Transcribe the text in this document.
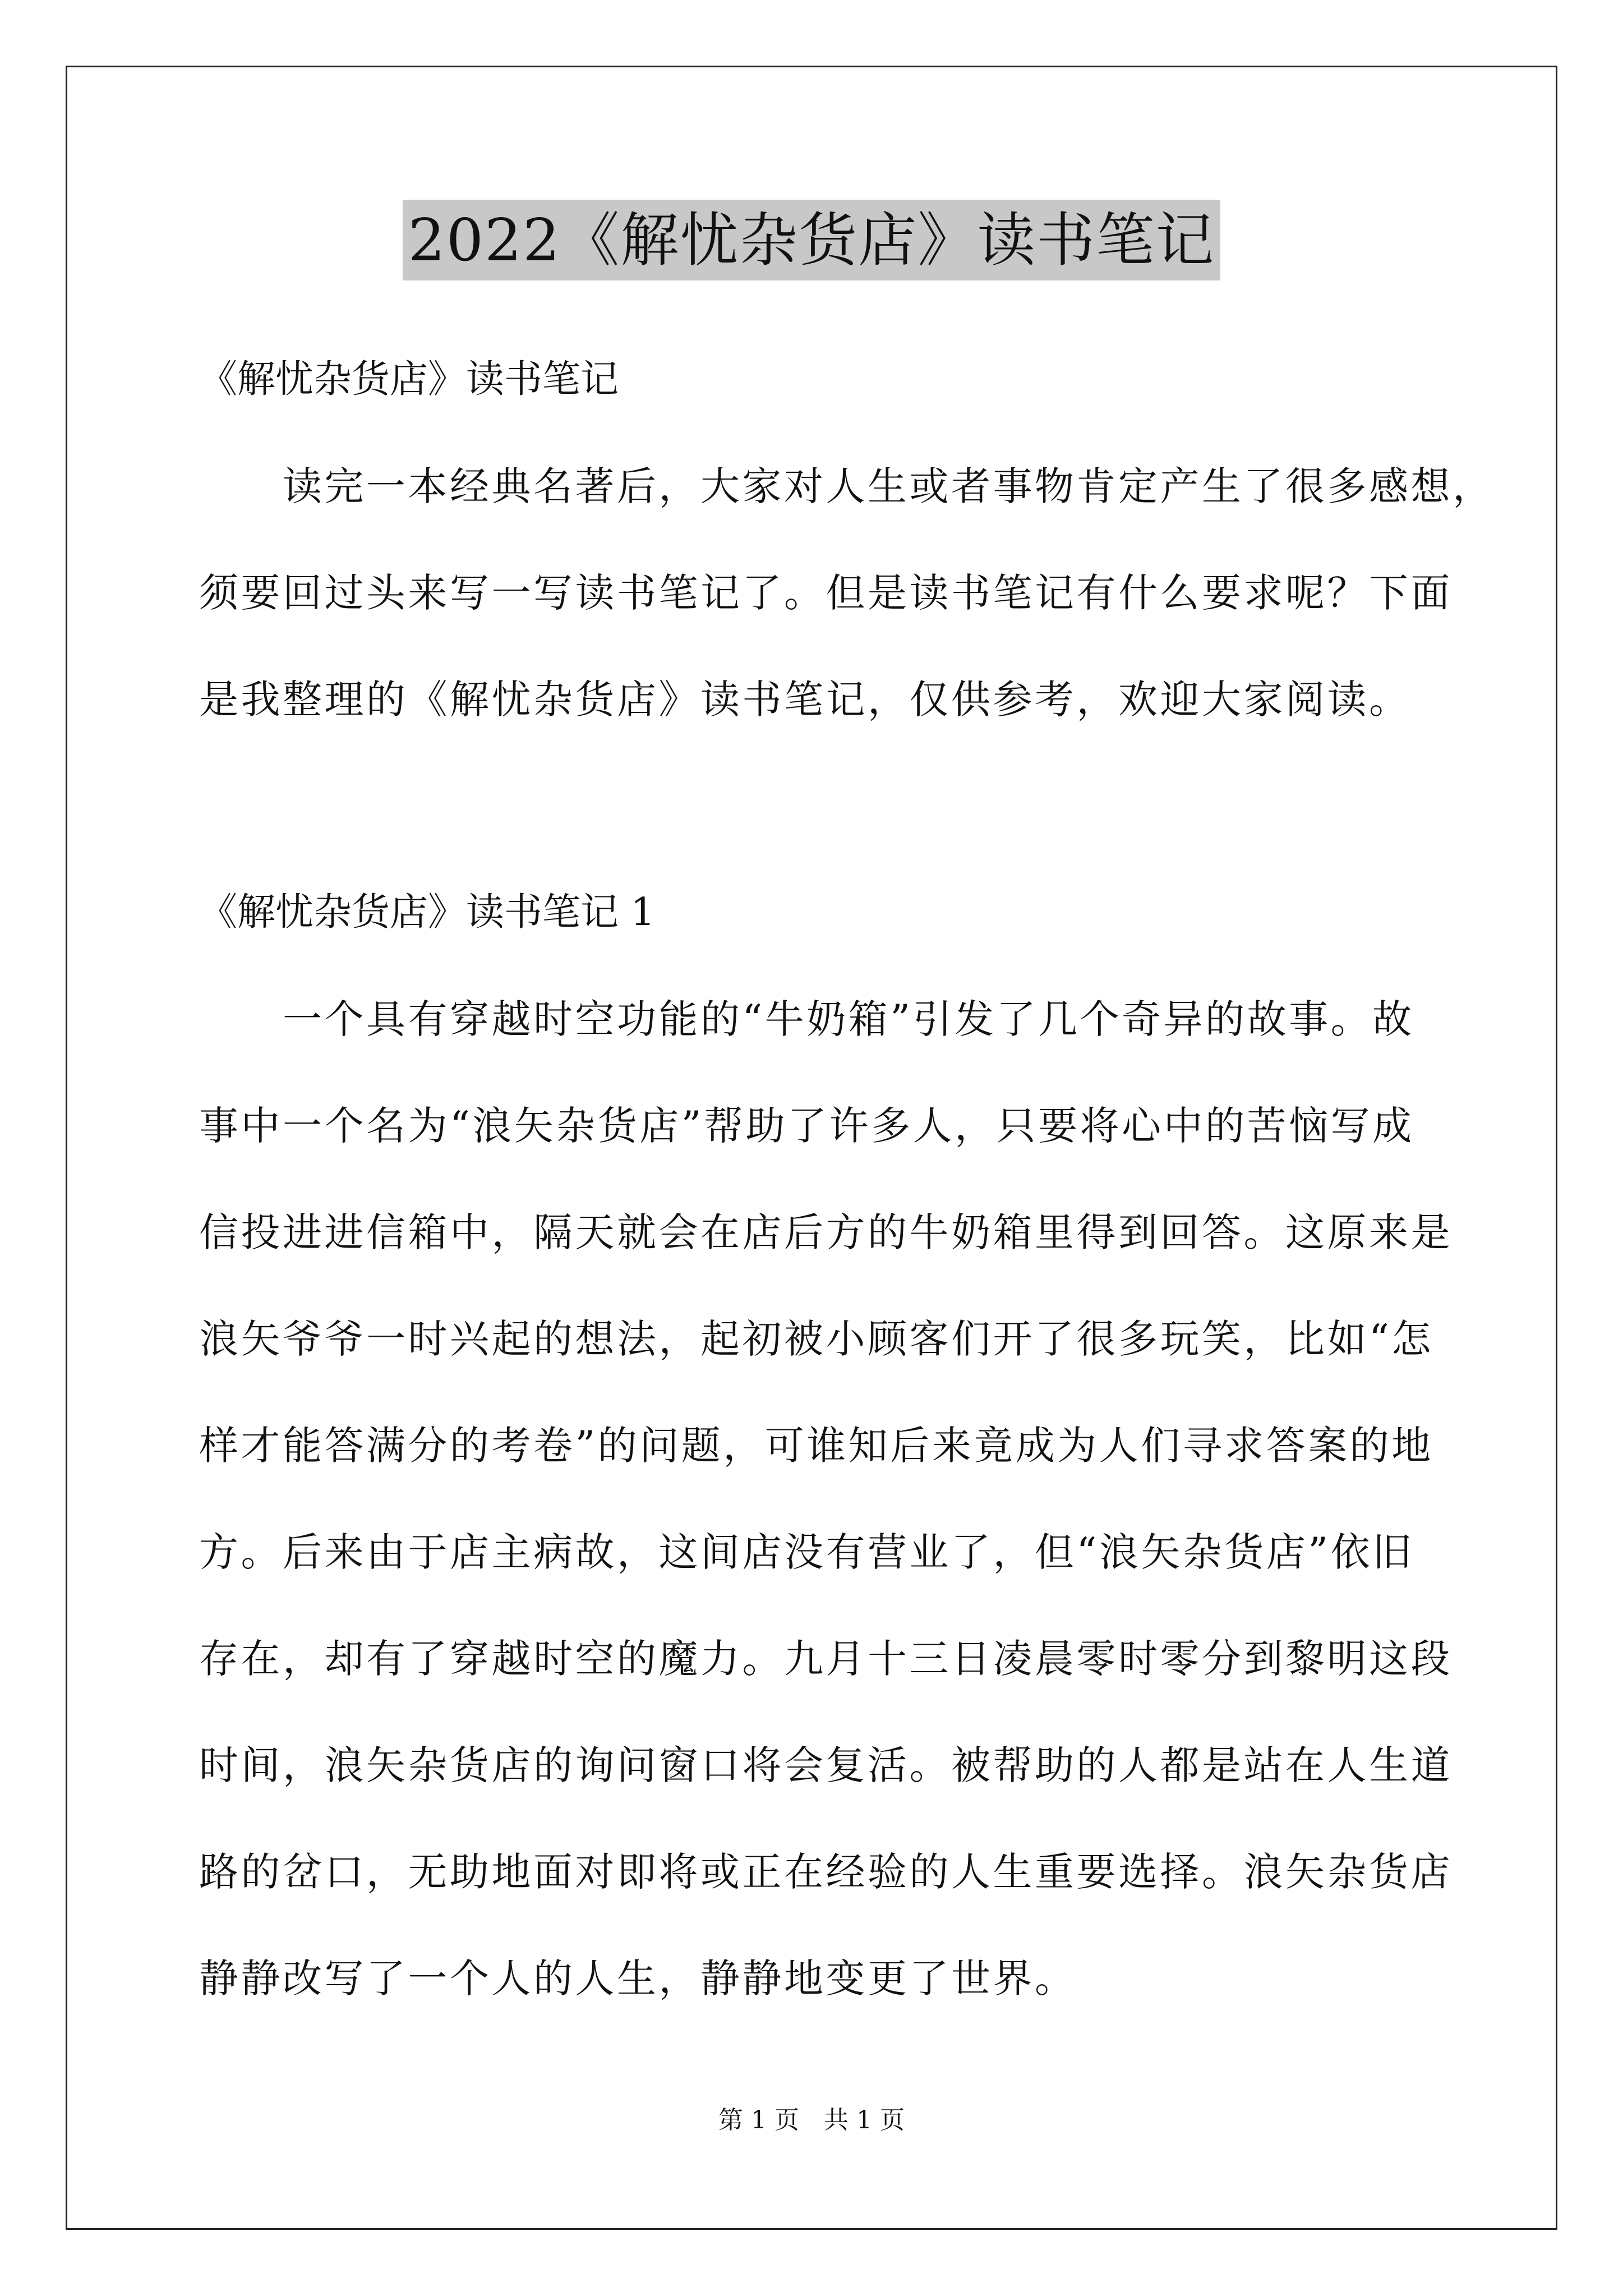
2022《解忧杂货店》读书笔记
《解忧杂货店》读书笔记
　　读完一本经典名著后，大家对人生或者事物肯定产生了很多感想，
须要回过头来写一写读书笔记了。但是读书笔记有什么要求呢？下面
是我整理的《解忧杂货店》读书笔记，仅供参考，欢迎大家阅读。
《解忧杂货店》读书笔记 1
　　一个具有穿越时空功能的“牛奶箱”引发了几个奇异的故事。故
事中一个名为“浪矢杂货店”帮助了许多人，只要将心中的苦恼写成
信投进进信箱中，隔天就会在店后方的牛奶箱里得到回答。这原来是
浪矢爷爷一时兴起的想法，起初被小顾客们开了很多玩笑，比如“怎
样才能答满分的考卷”的问题，可谁知后来竟成为人们寻求答案的地
方。后来由于店主病故，这间店没有营业了，但“浪矢杂货店”依旧
存在，却有了穿越时空的魔力。九月十三日凌晨零时零分到黎明这段
时间，浪矢杂货店的询问窗口将会复活。被帮助的人都是站在人生道
路的岔口，无助地面对即将或正在经验的人生重要选择。浪矢杂货店
静静改写了一个人的人生，静静地变更了世界。
第 1 页　共 1 页
